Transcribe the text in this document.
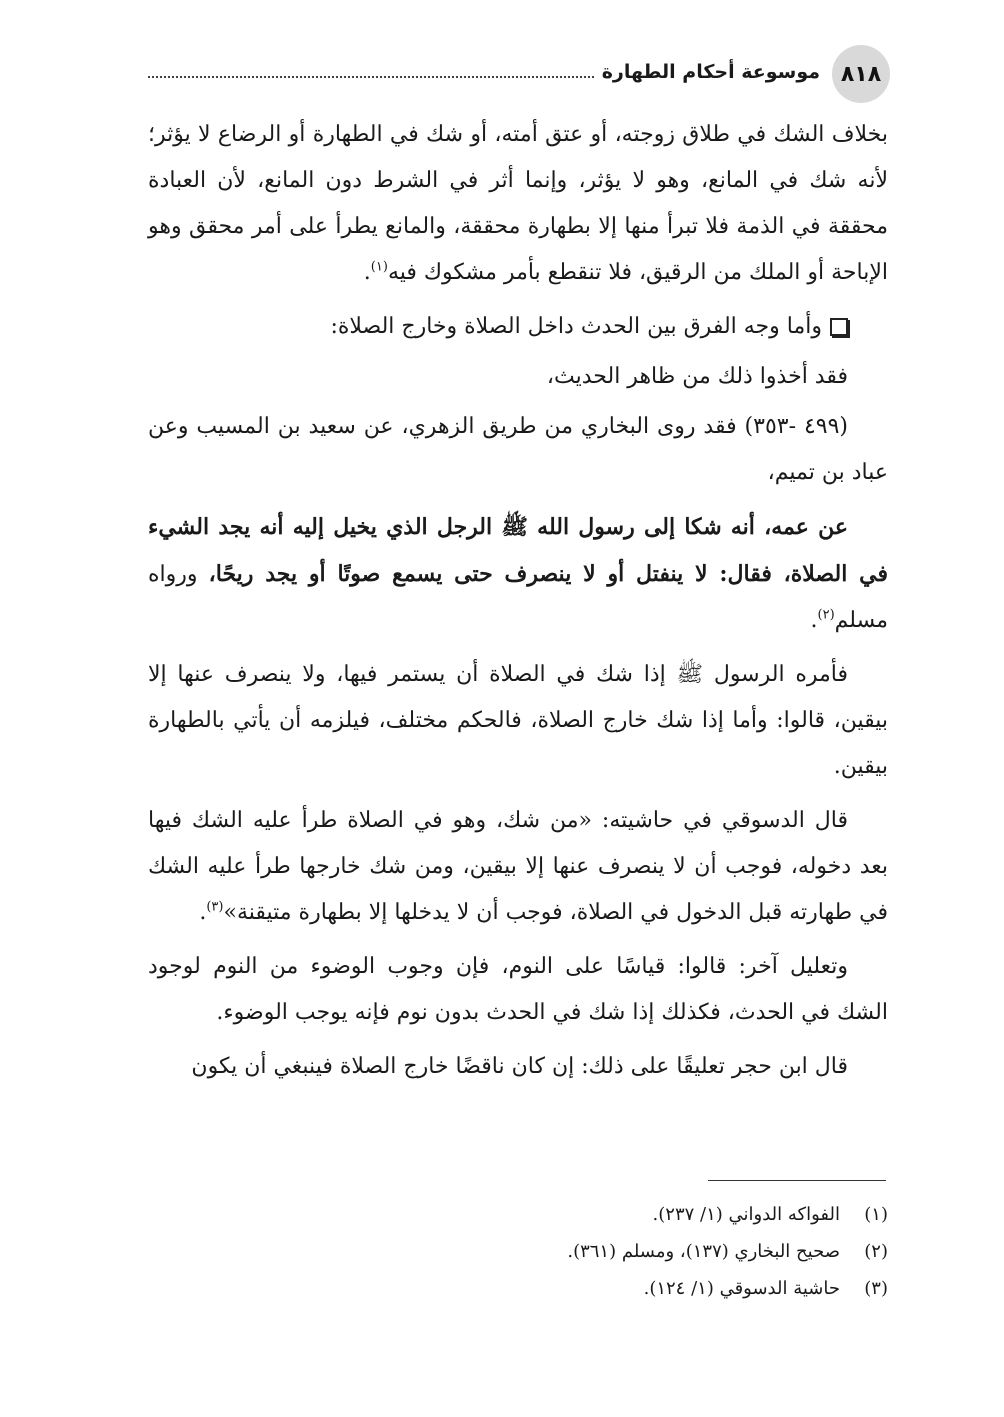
٨١٨
موسوعة أحكام الطهارة

بخلاف الشك في طلاق زوجته، أو عتق أمته، أو شك في الطهارة أو الرضاع لا يؤثر؛ لأنه شك في المانع، وهو لا يؤثر، وإنما أثر في الشرط دون المانع، لأن العبادة محققة في الذمة فلا تبرأ منها إلا بطهارة محققة، والمانع يطرأ على أمر محقق وهو الإباحة أو الملك من الرقيق، فلا تنقطع بأمر مشكوك فيه$^{(١)}$.

وأما وجه الفرق بين الحدث داخل الصلاة وخارج الصلاة:

فقد أخذوا ذلك من ظاهر الحديث،

(٤٩٩ -٣٥٣) فقد روى البخاري من طريق الزهري، عن سعيد بن المسيب وعن عباد بن تميم،

عن عمه، أنه شكا إلى رسول الله ﷺ الرجل الذي يخيل إليه أنه يجد الشيء في الصلاة، فقال: لا ينفتل أو لا ينصرف حتى يسمع صوتًا أو يجد ريحًا، ورواه مسلم$^{(٢)}$.

فأمره الرسول ﷺ إذا شك في الصلاة أن يستمر فيها، ولا ينصرف عنها إلا بيقين، قالوا: وأما إذا شك خارج الصلاة، فالحكم مختلف، فيلزمه أن يأتي بالطهارة بيقين.

قال الدسوقي في حاشيته: «من شك، وهو في الصلاة طرأ عليه الشك فيها بعد دخوله، فوجب أن لا ينصرف عنها إلا بيقين، ومن شك خارجها طرأ عليه الشك في طهارته قبل الدخول في الصلاة، فوجب أن لا يدخلها إلا بطهارة متيقنة»$^{(٣)}$.

وتعليل آخر: قالوا: قياسًا على النوم، فإن وجوب الوضوء من النوم لوجود الشك في الحدث، فكذلك إذا شك في الحدث بدون نوم فإنه يوجب الوضوء.

قال ابن حجر تعليقًا على ذلك: إن كان ناقضًا خارج الصلاة فينبغي أن يكون

(١)
الفواكه الدواني (١/ ٢٣٧).
(٢)
صحيح البخاري (١٣٧)، ومسلم (٣٦١).
(٣)
حاشية الدسوقي (١/ ١٢٤).
